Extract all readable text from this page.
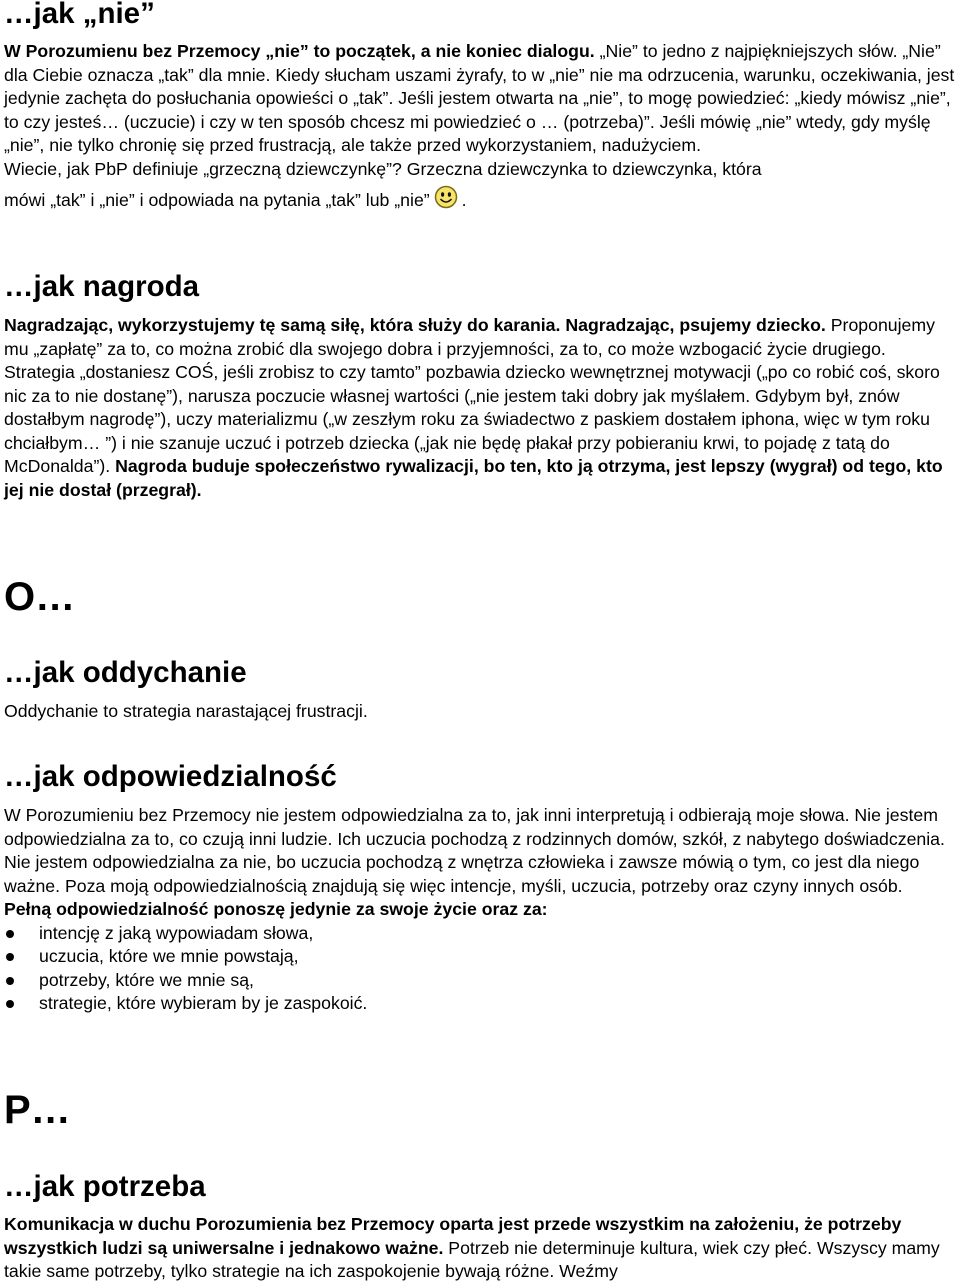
…jak „nie”

W Porozumienu bez Przemocy „nie” to początek, a nie koniec dialogu. „Nie” to jedno z najpiękniejszych słów. „Nie” dla Ciebie oznacza „tak” dla mnie. Kiedy słucham uszami żyrafy, to w „nie” nie ma odrzucenia, warunku, oczekiwania, jest jedynie zachęta do posłuchania opowieści o „tak”. Jeśli jestem otwarta na „nie”, to mogę powiedzieć: „kiedy mówisz „nie”, to czy jesteś… (uczucie) i czy w ten sposób chcesz mi powiedzieć o … (potrzeba)”. Jeśli mówię „nie” wtedy, gdy myślę „nie”, nie tylko chronię się przed frustracją, ale także przed wykorzystaniem, nadużyciem.
Wiecie, jak PbP definiuje „grzeczną dziewczynkę”? Grzeczna dziewczynka to dziewczynka, która
mówi „tak” i „nie” i odpowiada na pytania „tak” lub „nie” .

…jak nagroda

Nagradzając, wykorzystujemy tę samą siłę, która służy do karania. Nagradzając, psujemy dziecko. Proponujemy mu „zapłatę” za to, co można zrobić dla swojego dobra i przyjemności, za to, co może wzbogacić życie drugiego. Strategia „dostaniesz COŚ, jeśli zrobisz to czy tamto” pozbawia dziecko wewnętrznej motywacji („po co robić coś, skoro nic za to nie dostanę”), narusza poczucie własnej wartości („nie jestem taki dobry jak myślałem. Gdybym był, znów dostałbym nagrodę”), uczy materializmu („w zeszłym roku za świadectwo z paskiem dostałem iphona, więc w tym roku chciałbym… ”) i nie szanuje uczuć i potrzeb dziecka („jak nie będę płakał przy pobieraniu krwi, to pojadę z tatą do McDonalda”). Nagroda buduje społeczeństwo rywalizacji, bo ten, kto ją otrzyma, jest lepszy (wygrał) od tego, kto jej nie dostał (przegrał).

O…
…jak oddychanie

Oddychanie to strategia narastającej frustracji.

…jak odpowiedzialność

W Porozumieniu bez Przemocy nie jestem odpowiedzialna za to, jak inni interpretują i odbierają moje słowa. Nie jestem odpowiedzialna za to, co czują inni ludzie. Ich uczucia pochodzą z rodzinnych domów, szkół, z nabytego doświadczenia. Nie jestem odpowiedzialna za nie, bo uczucia pochodzą z wnętrza człowieka i zawsze mówią o tym, co jest dla niego ważne. Poza moją odpowiedzialnością znajdują się więc intencje, myśli, uczucia, potrzeby oraz czyny innych osób.

Pełną odpowiedzialność ponoszę jedynie za swoje życie oraz za:

intencję z jaką wypowiadam słowa,
uczucia, które we mnie powstają,
potrzeby, które we mnie są,
strategie, które wybieram by je zaspokoić.
P…
…jak potrzeba

Komunikacja w duchu Porozumienia bez Przemocy oparta jest przede wszystkim na założeniu, że potrzeby wszystkich ludzi są uniwersalne i jednakowo ważne. Potrzeb nie determinuje kultura, wiek czy płeć. Wszyscy mamy takie same potrzeby, tylko strategie na ich zaspokojenie bywają różne. Weźmy
